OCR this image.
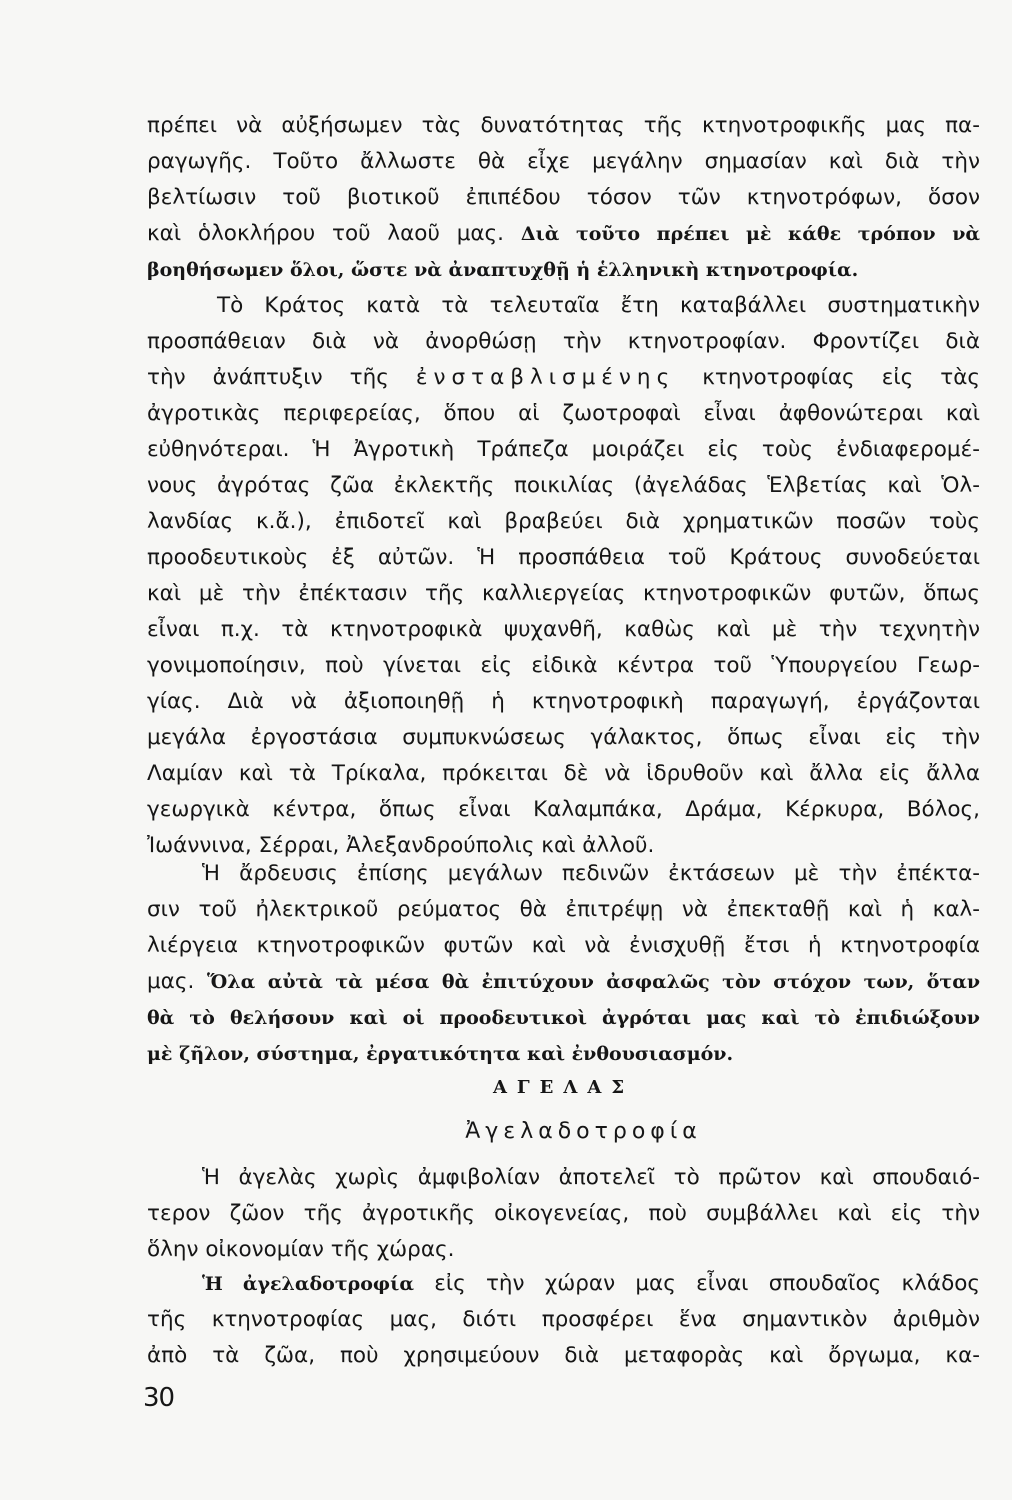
πρέπει νὰ αὐξήσωμεν τὰς δυνατότητας τῆς κτηνοτροφικῆς μας πα-
ραγωγῆς. Τοῦτο ἄλλωστε θὰ εἶχε μεγάλην σημασίαν καὶ διὰ τὴν
βελτίωσιν τοῦ βιοτικοῦ ἐπιπέδου τόσον τῶν κτηνοτρόφων, ὅσον
καὶ ὁλοκλήρου τοῦ λαοῦ μας. Διὰ τοῦτο πρέπει μὲ κάθε τρόπον νὰ
βοηθήσωμεν ὅλοι, ὥστε νὰ ἀναπτυχθῇ ἡ ἑλληνικὴ κτηνοτροφία.
Τὸ Κράτος κατὰ τὰ τελευταῖα ἔτη καταβάλλει συστηματικὴν
προσπάθειαν διὰ νὰ ἀνορθώσῃ τὴν κτηνοτροφίαν. Φροντίζει διὰ
τὴν ἀνάπτυξιν τῆς ἐνσταβλισμένης κτηνοτροφίας εἰς τὰς
ἀγροτικὰς περιφερείας, ὅπου αἱ ζωοτροφαὶ εἶναι ἀφθονώτεραι καὶ
εὐθηνότεραι. Ἡ Ἀγροτικὴ Τράπεζα μοιράζει εἰς τοὺς ἐνδιαφερομέ-
νους ἀγρότας ζῶα ἐκλεκτῆς ποικιλίας (ἀγελάδας Ἑλβετίας καὶ Ὁλ-
λανδίας κ.ἄ.), ἐπιδοτεῖ καὶ βραβεύει διὰ χρηματικῶν ποσῶν τοὺς
προοδευτικοὺς ἐξ αὐτῶν. Ἡ προσπάθεια τοῦ Κράτους συνοδεύεται
καὶ μὲ τὴν ἐπέκτασιν τῆς καλλιεργείας κτηνοτροφικῶν φυτῶν, ὅπως
εἶναι π.χ. τὰ κτηνοτροφικὰ ψυχανθῆ, καθὼς καὶ μὲ τὴν τεχνητὴν
γονιμοποίησιν, ποὺ γίνεται εἰς εἰδικὰ κέντρα τοῦ Ὑπουργείου Γεωρ-
γίας. Διὰ νὰ ἀξιοποιηθῇ ἡ κτηνοτροφικὴ παραγωγή, ἐργάζονται
μεγάλα ἐργοστάσια συμπυκνώσεως γάλακτος, ὅπως εἶναι εἰς τὴν
Λαμίαν καὶ τὰ Τρίκαλα, πρόκειται δὲ νὰ ἱδρυθοῦν καὶ ἄλλα εἰς ἄλλα
γεωργικὰ κέντρα, ὅπως εἶναι Καλαμπάκα, Δράμα, Κέρκυρα, Βόλος,
Ἰωάννινα, Σέρραι, Ἀλεξανδρούπολις καὶ ἀλλοῦ.
Ἡ ἄρδευσις ἐπίσης μεγάλων πεδινῶν ἐκτάσεων μὲ τὴν ἐπέκτα-
σιν τοῦ ἠλεκτρικοῦ ρεύματος θὰ ἐπιτρέψῃ νὰ ἐπεκταθῇ καὶ ἡ καλ-
λιέργεια κτηνοτροφικῶν φυτῶν καὶ νὰ ἐνισχυθῇ ἔτσι ἡ κτηνοτροφία
μας. Ὅλα αὐτὰ τὰ μέσα θὰ ἐπιτύχουν ἀσφαλῶς τὸν στόχον των, ὅταν
θὰ τὸ θελήσουν καὶ οἱ προοδευτικοὶ ἀγρόται μας καὶ τὸ ἐπιδιώξουν
μὲ ζῆλον, σύστημα, ἐργατικότητα καὶ ἐνθουσιασμόν.
ΑΓΕΛΑΣ
Ἀγελαδοτροφία
Ἡ ἀγελὰς χωρὶς ἀμφιβολίαν ἀποτελεῖ τὸ πρῶτον καὶ σπουδαιό-
τερον ζῶον τῆς ἀγροτικῆς οἰκογενείας, ποὺ συμβάλλει καὶ εἰς τὴν
ὅλην οἰκονομίαν τῆς χώρας.
Ἡ ἀγελαδοτροφία εἰς τὴν χώραν μας εἶναι σπουδαῖος κλάδος
τῆς κτηνοτροφίας μας, διότι προσφέρει ἕνα σημαντικὸν ἀριθμὸν
ἀπὸ τὰ ζῶα, ποὺ χρησιμεύουν διὰ μεταφορὰς καὶ ὄργωμα, κα-
30
